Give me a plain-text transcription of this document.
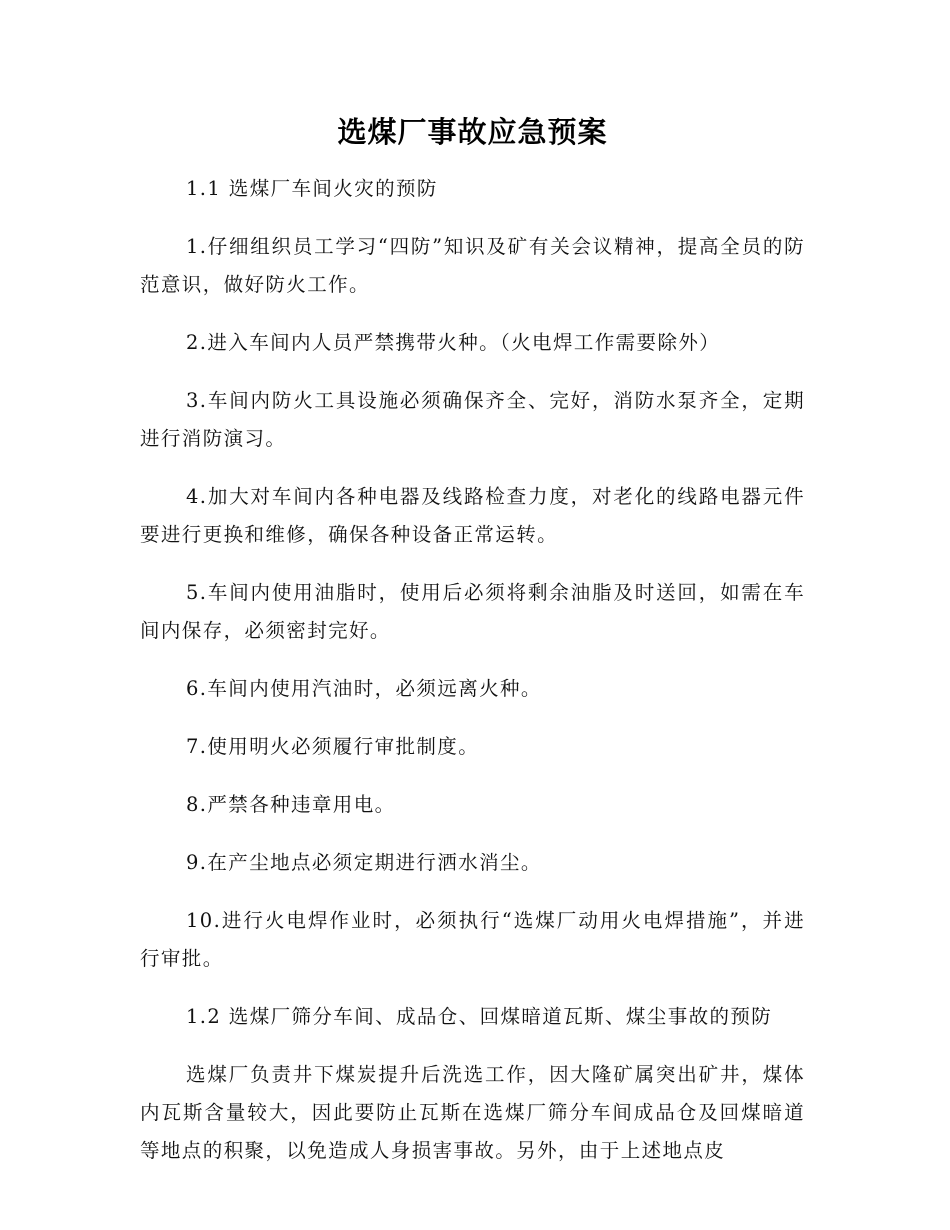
选煤厂事故应急预案

1.1 选煤厂车间火灾的预防

1.仔细组织员工学习“四防”知识及矿有关会议精神，提高全员的防范意识，做好防火工作。

2.进入车间内人员严禁携带火种。（火电焊工作需要除外）

3.车间内防火工具设施必须确保齐全、完好，消防水泵齐全，定期进行消防演习。

4.加大对车间内各种电器及线路检查力度，对老化的线路电器元件要进行更换和维修，确保各种设备正常运转。

5.车间内使用油脂时，使用后必须将剩余油脂及时送回，如需在车间内保存，必须密封完好。

6.车间内使用汽油时，必须远离火种。

7.使用明火必须履行审批制度。

8.严禁各种违章用电。

9.在产尘地点必须定期进行洒水消尘。

10.进行火电焊作业时，必须执行“选煤厂动用火电焊措施”，并进行审批。

1.2 选煤厂筛分车间、成品仓、回煤暗道瓦斯、煤尘事故的预防

选煤厂负责井下煤炭提升后洗选工作，因大隆矿属突出矿井，煤体内瓦斯含量较大，因此要防止瓦斯在选煤厂筛分车间成品仓及回煤暗道等地点的积聚，以免造成人身损害事故。另外，由于上述地点皮
